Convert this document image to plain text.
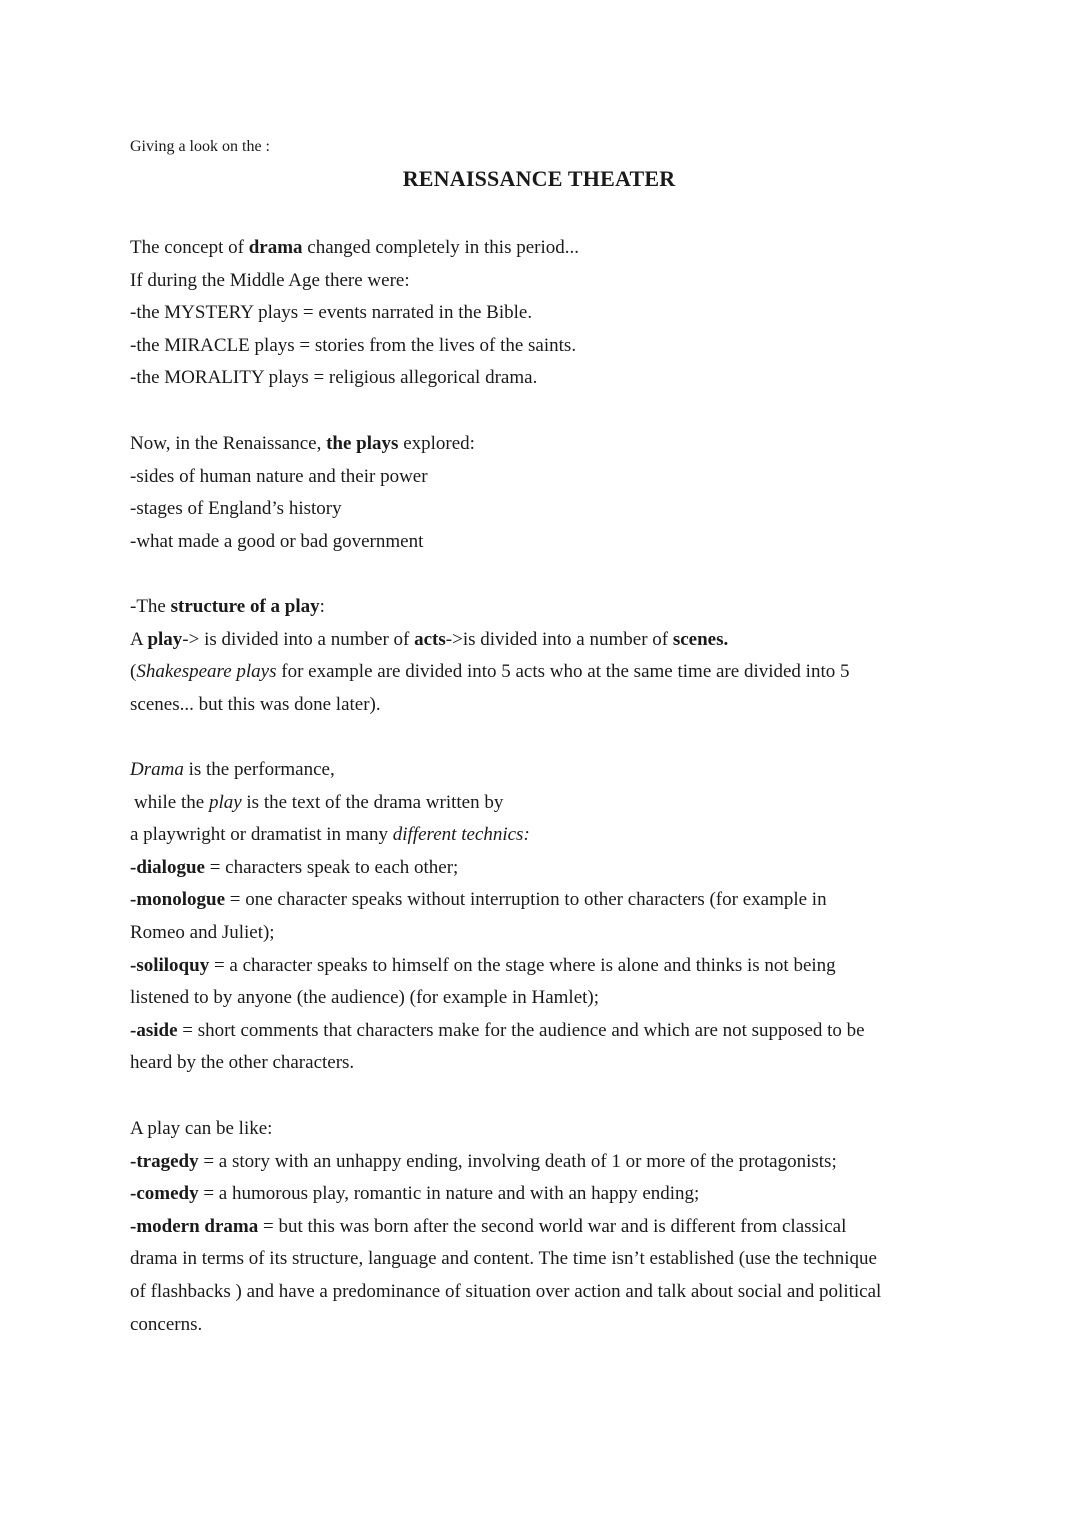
Giving a look on the :
RENAISSANCE THEATER
The concept of drama changed completely in this period...
If during the Middle Age there were:
-the MYSTERY plays = events narrated in the Bible.
-the MIRACLE plays = stories from the lives of the saints.
-the MORALITY plays = religious allegorical drama.
Now, in the Renaissance, the plays explored:
-sides of human nature and their power
-stages of England’s history
-what made a good or bad government
-The structure of a play:
A play-> is divided into a number of acts->is divided into a number of scenes.
(Shakespeare plays for example are divided into 5 acts who at the same time are divided into 5
scenes... but this was done later).
Drama is the performance,
while the play is the text of the drama written by
a playwright or dramatist in many different technics:
-dialogue = characters speak to each other;
-monologue = one character speaks without interruption to other characters (for example in
Romeo and Juliet);
-soliloquy = a character speaks to himself on the stage where is alone and thinks is not being
listened to by anyone (the audience) (for example in Hamlet);
-aside = short comments that characters make for the audience and which are not supposed to be
heard by the other characters.
A play can be like:
-tragedy = a story with an unhappy ending, involving death of 1 or more of the protagonists;
-comedy = a humorous play, romantic in nature and with an happy ending;
-modern drama = but this was born after the second world war and is different from classical
drama in terms of its structure, language and content. The time isn’t established (use the technique
of flashbacks ) and have a predominance of situation over action and talk about social and political
concerns.
